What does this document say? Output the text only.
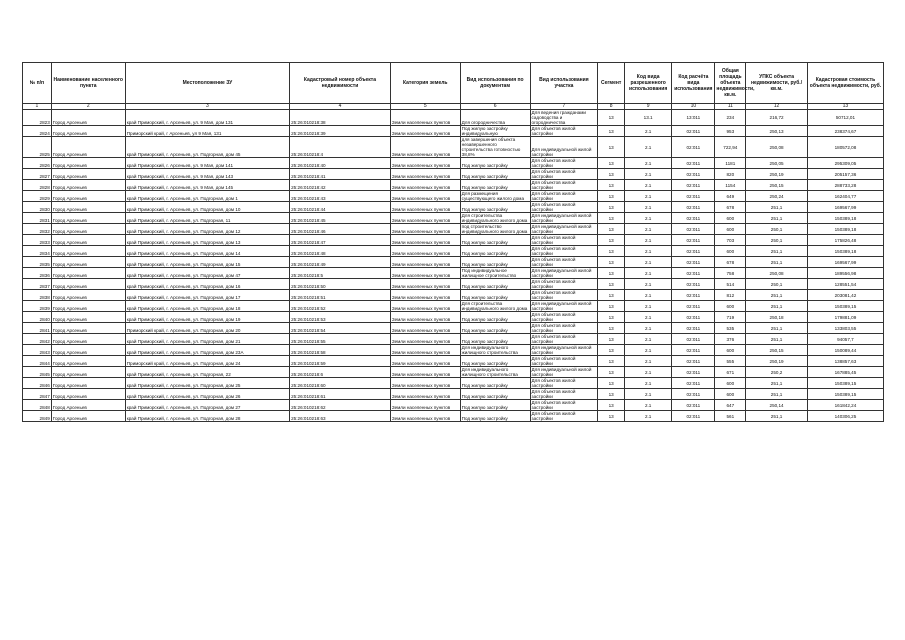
№ п/п	Наименование населенного пункта	Местоположение ЗУ	Кадастровый номер объекта недвижимости	Категория земель	Вид использования по документам	Вид использования участка	Сегмент	Код вида разрешенного использования	Код расчёта вида использования	Общая площадь объекта недвижимости, кв.м.	УПКС объекта недвижимости, руб./кв.м.	Кадастровая стоимость объекта недвижимости, руб.
1	2	3	4	5	6	7	8	9	10	11	12	13
2823	Город Арсеньев	край Приморский, г. Арсеньев, ул. 9 Мая, дом 131	25:26:010218:38	Земли населенных пунктов	Для огородничества	Для ведения гражданами садоводства и огородничества	13	13.1	13:011	234	216,72	50712,01
2824	Город Арсеньев	Приморский край, г Арсеньев, ул 9 Мая, 131	25:26:010218:39	Земли населенных пунктов	Под жилую застройку индивидуальную	Для объектов жилой застройки	13	2.1	02:011	953	250,13	238374,67
2825	Город Арсеньев	край Приморский, г. Арсеньев, ул. Подгорная, дом 45	25:26:010218:4	Земли населенных пунктов	для завершения объекта незавершенного строительства готовностью 38,8%	Для индивидуальной жилой застройки	13	2.1	02:011	722,94	250,08	180572,08
2826	Город Арсеньев	край Приморский, г. Арсеньев, ул. 9 Мая, дом 141	25:26:010218:40	Земли населенных пунктов	Под жилую застройку	Для объектов жилой застройки	13	2.1	02:011	1181	250,05	295309,05
2827	Город Арсеньев	край Приморский, г. Арсеньев, ул. 9 Мая, дом 143	25:26:010218:41	Земли населенных пунктов	Под жилую застройку	Для объектов жилой застройки	13	2.1	02:011	820	250,19	205157,36
2828	Город Арсеньев	край Приморский, г. Арсеньев, ул. 9 Мая, дом 145	25:26:010218:42	Земли населенных пунктов	Под жилую застройку	Для объектов жилой застройки	13	2.1	02:011	1154	250,15	288733,28
2829	Город Арсеньев	край Приморский, г. Арсеньев, ул. Подгорная, дом 1	25:26:010218:43	Земли населенных пунктов	Для размещения существующего жилого дома	Для объектов жилой застройки	13	2.1	02:011	649	250,24	162404,77
2830	Город Арсеньев	край Приморский, г. Арсеньев, ул. Подгорная, дом 10	25:26:010218:44	Земли населенных пунктов	Под жилую застройку	Для объектов жилой застройки	13	2.1	02:011	678	251,1	169567,99
2831	Город Арсеньев	край Приморский, г. Арсеньев, ул. Подгорная, 11	25:26:010218:45	Земли населенных пунктов	Для строительства индивидуального жилого дома	Для индивидуальной жилой застройки	13	2.1	02:011	600	251,1	150389,18
2832	Город Арсеньев	край Приморский, г. Арсеньев, ул. Подгорная, дом 12	25:26:010218:46	Земли населенных пунктов	под строительство индивидуального жилого дома	Для индивидуальной жилой застройки	13	2.1	02:011	600	250,1	150389,18
2833	Город Арсеньев	край Приморский, г. Арсеньев, ул. Подгорная, дом 13	25:26:010218:47	Земли населенных пунктов	Под жилую застройку	Для объектов жилой застройки	13	2.1	02:011	703	250,1	175826,48
2834	Город Арсеньев	край Приморский, г. Арсеньев, ул. Подгорная, дом 14	25:26:010218:48	Земли населенных пунктов	Под жилую застройку	Для объектов жилой застройки	13	2.1	02:011	600	251,1	150389,18
2835	Город Арсеньев	край Приморский, г. Арсеньев, ул. Подгорная, дом 15	25:26:010218:49	Земли населенных пунктов	Под жилую застройку	Для объектов жилой застройки	13	2.1	02:011	678	251,1	169567,99
2836	Город Арсеньев	край Приморский, г. Арсеньев, ул. Подгорная, дом 47	25:26:010218:5	Земли населенных пунктов	Под индивидуальное жилищное строительство	Для индивидуальной жилой застройки	13	2.1	02:011	758	250,08	189556,98
2837	Город Арсеньев	край Приморский, г. Арсеньев, ул. Подгорная, дом 16	25:26:010218:50	Земли населенных пунктов	Под жилую застройку	Для объектов жилой застройки	13	2.1	02:011	514	250,1	128551,54
2838	Город Арсеньев	край Приморский, г. Арсеньев, ул. Подгорная, дом 17	25:26:010218:51	Земли населенных пунктов	Под жилую застройку	Для объектов жилой застройки	13	2.1	02:011	812	251,1	203081,42
2839	Город Арсеньев	край Приморский, г. Арсеньев, ул. Подгорная, дом 18	25:26:010218:52	Земли населенных пунктов	Для строительства индивидуального жилого дома	Для индивидуальной жилой застройки	13	2.1	02:011	600	251,1	150389,15
2840	Город Арсеньев	край Приморский, г. Арсеньев, ул. Подгорная, дом 19	25:26:010218:53	Земли населенных пунктов	Под жилую застройку	Для объектов жилой застройки	13	2.1	02:011	719	250,18	179881,09
2841	Город Арсеньев	Приморский край, г. Арсеньев, ул. Подгорная, дом 20	25:26:010218:54	Земли населенных пунктов	Под жилую застройку	Для объектов жилой застройки	13	2.1	02:011	535	251,1	133803,55
2842	Город Арсеньев	край Приморский, г. Арсеньев, ул. Подгорная, дом 21	25:26:010218:55	Земли населенных пунктов	Под жилую застройку	Для объектов жилой застройки	13	2.1	02:011	376	251,1	94057,7
2843	Город Арсеньев	край Приморский, г. Арсеньев, ул. Подгорная, дом 23А	25:26:010218:58	Земли населенных пунктов	Для индивидуального жилищного строительства	Для индивидуальной жилой застройки	13	2.1	02:011	600	250,15	150089,44
2844	Город Арсеньев	Приморский край, г. Арсеньев, ул. Подгорная, дом 24	25:26:010218:59	Земли населенных пунктов	Под жилую застройку	Для объектов жилой застройки	13	2.1	02:011	555	250,19	138857,63
2845	Город Арсеньев	край Приморский, г. Арсеньев, ул. Подгорная, 22	25:26:010218:6	Земли населенных пунктов	Для индивидуального жилищного строительства	Для индивидуальной жилой застройки	13	2.1	02:011	671	250,2	167885,45
2846	Город Арсеньев	край Приморский, г. Арсеньев, ул. Подгорная, дом 25	25:26:010218:60	Земли населенных пунктов	Под жилую застройку	Для объектов жилой застройки	13	2.1	02:011	600	251,1	150389,15
2847	Город Арсеньев	край Приморский, г. Арсеньев, ул. Подгорная, дом 26	25:26:010218:61	Земли населенных пунктов	Под жилую застройку	Для объектов жилой застройки	13	2.1	02:011	600	251,1	150389,15
2848	Город Арсеньев	край Приморский, г. Арсеньев, ул. Подгорная, дом 27	25:26:010218:62	Земли населенных пунктов	Под жилую застройку	Для объектов жилой застройки	13	2.1	02:011	647	250,14	161842,24
2849	Город Арсеньев	край Приморский, г. Арсеньев, ул. Подгорная, дом 28	25:26:010218:63	Земли населенных пунктов	Под жилую застройку	Для объектов жилой застройки	13	2.1	02:011	561	251,1	140306,25
